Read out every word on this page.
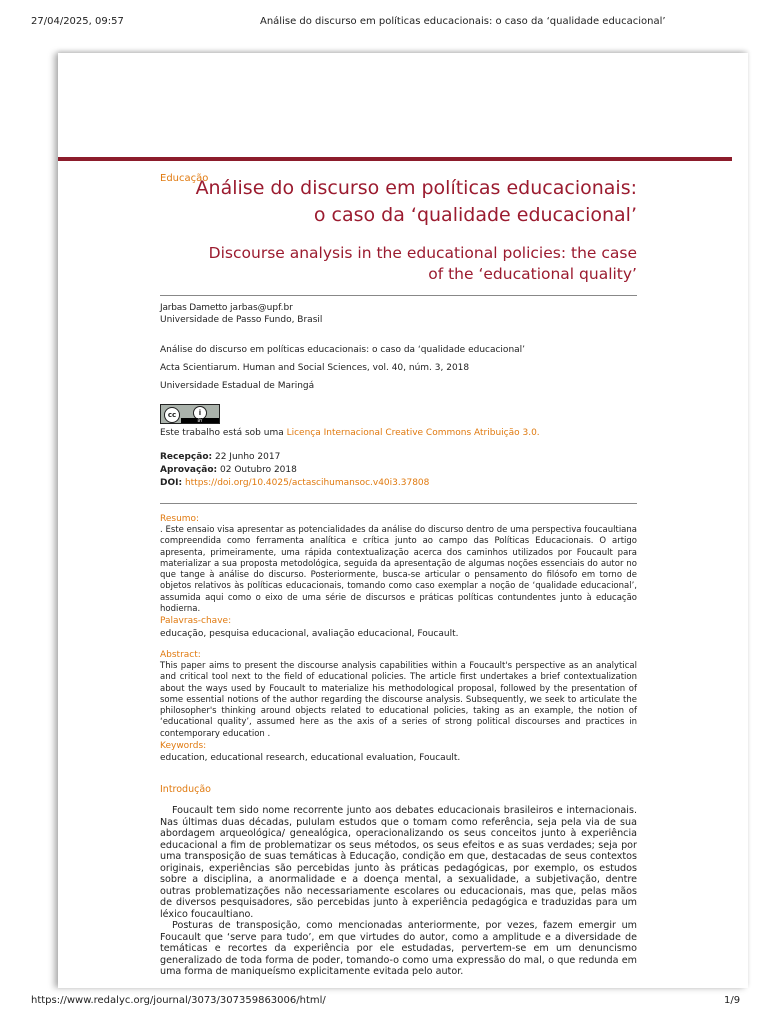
27/04/2025, 09:57	Análise do discurso em políticas educacionais: o caso da ‘qualidade educacional’
Educação
Análise do discurso em políticas educacionais:
o caso da ‘qualidade educacional’
Discourse analysis in the educational policies: the case
of the ‘educational quality’
Jarbas Dametto jarbas@upf.br
Universidade de Passo Fundo, Brasil
Análise do discurso em políticas educacionais: o caso da ‘qualidade educacional’
Acta Scientiarum. Human and Social Sciences, vol. 40, núm. 3, 2018
Universidade Estadual de Maringá
cc	i
BY
Este trabalho está sob uma Licença Internacional Creative Commons Atribuição 3.0.
Recepção: 22 Junho 2017
Aprovação: 02 Outubro 2018
DOI: https://doi.org/10.4025/actascihumansoc.v40i3.37808
Resumo:
. Este ensaio visa apresentar as potencialidades da análise do discurso dentro de uma perspectiva foucaultiana compreendida como ferramenta analítica e crítica junto ao campo das Políticas Educacionais. O artigo apresenta, primeiramente, uma rápida contextualização acerca dos caminhos utilizados por Foucault para materializar a sua proposta metodológica, seguida da apresentação de algumas noções essenciais do autor no que tange à análise do discurso. Posteriormente, busca-se articular o pensamento do filósofo em torno de objetos relativos às políticas educacionais, tomando como caso exemplar a noção de ‘qualidade educacional’, assumida aqui como o eixo de uma série de discursos e práticas políticas contundentes junto à educação hodierna.
Palavras-chave:
educação, pesquisa educacional, avaliação educacional, Foucault.
Abstract:
This paper aims to present the discourse analysis capabilities within a Foucault's perspective as an analytical and critical tool next to the field of educational policies. The article first undertakes a brief contextualization about the ways used by Foucault to materialize his methodological proposal, followed by the presentation of some essential notions of the author regarding the discourse analysis. Subsequently, we seek to articulate the philosopher's thinking around objects related to educational policies, taking as an example, the notion of ‘educational quality’, assumed here as the axis of a series of strong political discourses and practices in contemporary education .
Keywords:
education, educational research, educational evaluation, Foucault.
Introdução
Foucault tem sido nome recorrente junto aos debates educacionais brasileiros e internacionais. Nas últimas duas décadas, pululam estudos que o tomam como referência, seja pela via de sua abordagem arqueológica/ genealógica, operacionalizando os seus conceitos junto à experiência educacional a fim de problematizar os seus métodos, os seus efeitos e as suas verdades; seja por uma transposição de suas temáticas à Educação, condição em que, destacadas de seus contextos originais, experiências são percebidas junto às práticas pedagógicas, por exemplo, os estudos sobre a disciplina, a anormalidade e a doença mental, a sexualidade, a subjetivação, dentre outras problematizações não necessariamente escolares ou educacionais, mas que, pelas mãos de diversos pesquisadores, são percebidas junto à experiência pedagógica e traduzidas para um léxico foucaultiano.
Posturas de transposição, como mencionadas anteriormente, por vezes, fazem emergir um Foucault que ‘serve para tudo’, em que virtudes do autor, como a amplitude e a diversidade de temáticas e recortes da experiência por ele estudadas, pervertem-se em um denuncismo generalizado de toda forma de poder, tomando-o como uma expressão do mal, o que redunda em uma forma de maniqueísmo explicitamente evitada pelo autor.
https://www.redalyc.org/journal/3073/307359863006/html/	1/9
